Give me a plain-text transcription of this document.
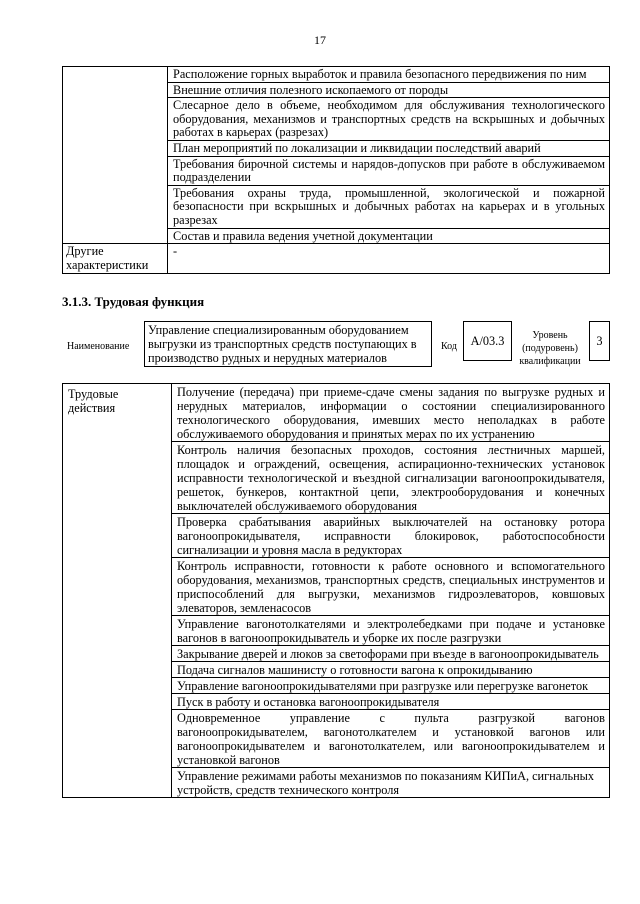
17
	Расположение горных выработок и правила безопасного передвижения по ним
	Внешние отличия полезного ископаемого от породы
	Слесарное дело в объеме, необходимом для обслуживания технологического оборудования, механизмов и транспортных средств на вскрышных и добычных работах в карьерах (разрезах)
	План мероприятий по локализации и ликвидации последствий аварий
	Требования бирочной системы и нарядов-допусков при работе в обслуживаемом подразделении
	Требования охраны труда, промышленной, экологической и пожарной безопасности при вскрышных и добычных работах на карьерах и в угольных разрезах
	Состав и правила ведения учетной документации
Другие характеристики	-
3.1.3. Трудовая функция
Наименование
Управление специализированным оборудованием выгрузки из транспортных средств поступающих в производство рудных и нерудных материалов
Код	А/03.3	Уровень (подуровень) квалификации
3
Трудовые действия	Получение (передача) при приеме-сдаче смены задания по выгрузке рудных и нерудных материалов, информации о состоянии специализированного технологического оборудования, имевших место неполадках в работе обслуживаемого оборудования и принятых мерах по их устранению
Контроль наличия безопасных проходов, состояния лестничных маршей, площадок и ограждений, освещения, аспирационно-технических установок исправности технологической и въездной сигнализации вагоноопрокидывателя, решеток, бункеров, контактной цепи, электрооборудования и конечных выключателей обслуживаемого оборудования
Проверка срабатывания аварийных выключателей на остановку ротора вагоноопрокидывателя, исправности блокировок, работоспособности сигнализации и уровня масла в редукторах
Контроль исправности, готовности к работе основного и вспомогательного оборудования, механизмов, транспортных средств, специальных инструментов и приспособлений для выгрузки, механизмов гидроэлеваторов, ковшовых элеваторов, земленасосов
Управление вагонотолкателями и электролебедками при подаче и установке вагонов в вагоноопрокидыватель и уборке их после разгрузки
Закрывание дверей и люков за светофорами при въезде в вагоноопрокидыватель
Подача сигналов машинисту о готовности вагона к опрокидыванию
Управление вагоноопрокидывателями при разгрузке или перегрузке вагонеток
Пуск в работу и остановка вагоноопрокидывателя
Одновременное управление с пульта разгрузкой вагонов вагоноопрокидывателем, вагонотолкателем и установкой вагонов или вагоноопрокидывателем и вагонотолкателем, или вагоноопрокидывателем и установкой вагонов
Управление режимами работы механизмов по показаниям КИПиА, сигнальных устройств, средств технического контроля
